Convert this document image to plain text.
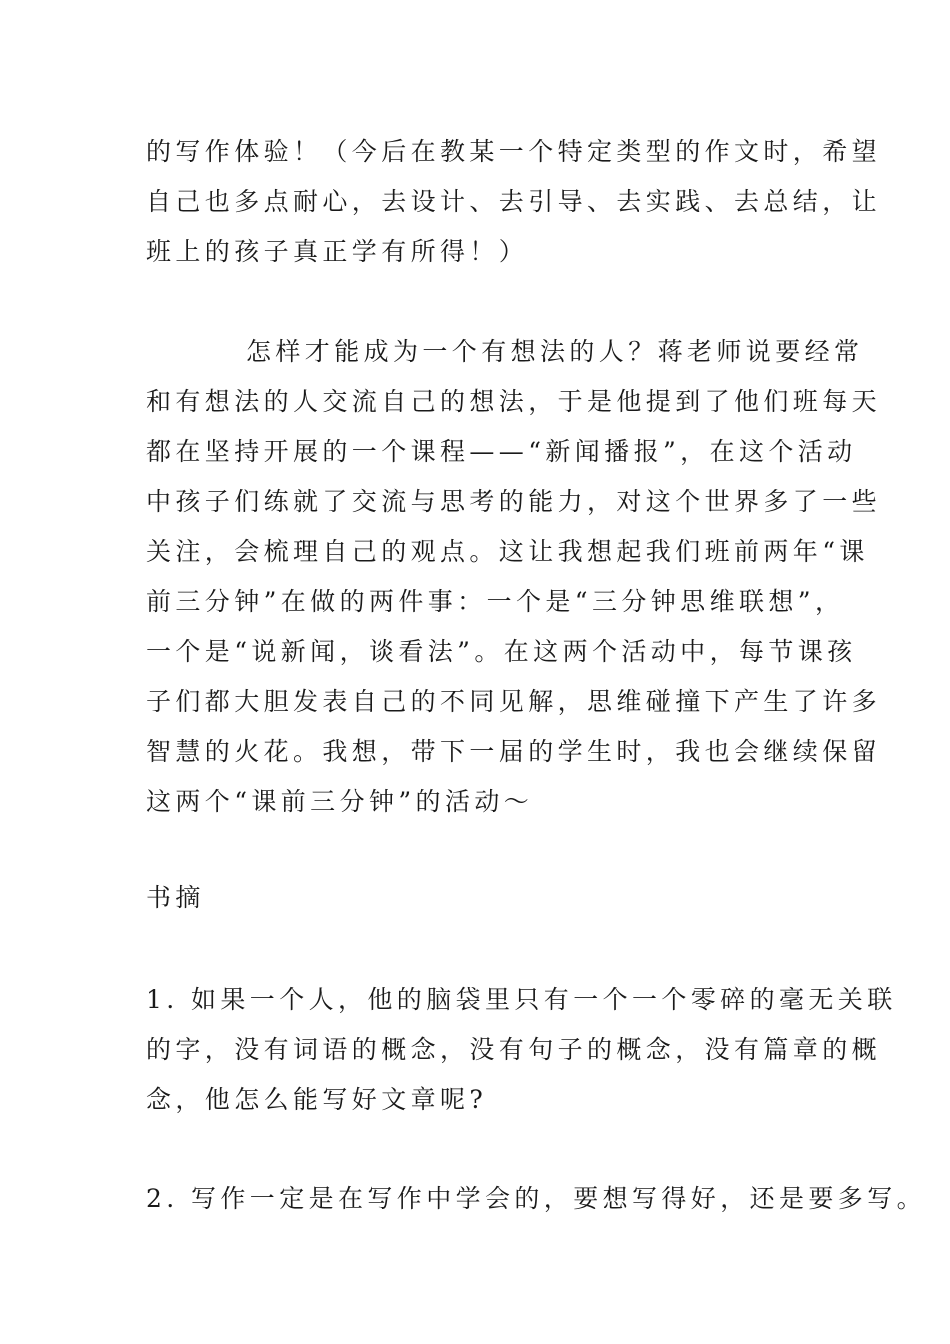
的写作体验！（今后在教某一个特定类型的作文时，希望
自己也多点耐心，去设计、去引导、去实践、去总结，让
班上的孩子真正学有所得！）
怎样才能成为一个有想法的人？蒋老师说要经常
和有想法的人交流自己的想法，于是他提到了他们班每天
都在坚持开展的一个课程——“新闻播报”，在这个活动
中孩子们练就了交流与思考的能力，对这个世界多了一些
关注，会梳理自己的观点。这让我想起我们班前两年“课
前三分钟”在做的两件事：一个是“三分钟思维联想”，
一个是“说新闻，谈看法”。在这两个活动中，每节课孩
子们都大胆发表自己的不同见解，思维碰撞下产生了许多
智慧的火花。我想，带下一届的学生时，我也会继续保留
这两个“课前三分钟”的活动～
书摘
1. 如果一个人，他的脑袋里只有一个一个零碎的毫无关联
的字，没有词语的概念，没有句子的概念，没有篇章的概
念，他怎么能写好文章呢?
2. 写作一定是在写作中学会的，要想写得好，还是要多写。
